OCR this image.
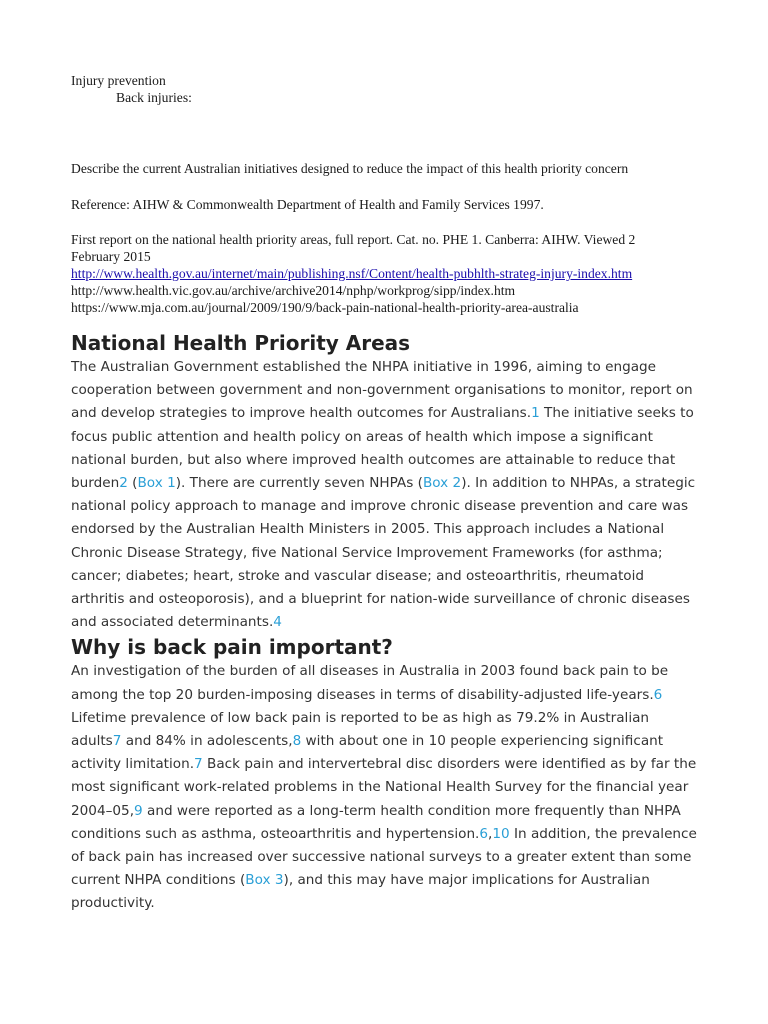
Injury prevention
Back injuries:
Describe the current Australian initiatives designed to reduce the impact of this health priority concern
Reference: AIHW & Commonwealth Department of Health and Family Services 1997.
First report on the national health priority areas, full report. Cat. no. PHE 1. Canberra: AIHW. Viewed 2
February 2015
http://www.health.gov.au/internet/main/publishing.nsf/Content/health-pubhlth-strateg-injury-index.htm
http://www.health.vic.gov.au/archive/archive2014/nphp/workprog/sipp/index.htm
https://www.mja.com.au/journal/2009/190/9/back-pain-national-health-priority-area-australia
National Health Priority Areas

The Australian Government established the NHPA initiative in 1996, aiming to engage cooperation between government and non-government organisations to monitor, report on and develop strategies to improve health outcomes for Australians.1 The initiative seeks to focus public attention and health policy on areas of health which impose a significant national burden, but also where improved health outcomes are attainable to reduce that burden2 (Box 1). There are currently seven NHPAs (Box 2). In addition to NHPAs, a strategic national policy approach to manage and improve chronic disease prevention and care was endorsed by the Australian Health Ministers in 2005. This approach includes a National Chronic Disease Strategy, five National Service Improvement Frameworks (for asthma; cancer; diabetes; heart, stroke and vascular disease; and osteoarthritis, rheumatoid arthritis and osteoporosis), and a blueprint for nation-wide surveillance of chronic diseases and associated determinants.4

Why is back pain important?

An investigation of the burden of all diseases in Australia in 2003 found back pain to be among the top 20 burden-imposing diseases in terms of disability-adjusted life-years.6 Lifetime prevalence of low back pain is reported to be as high as 79.2% in Australian adults7 and 84% in adolescents,8 with about one in 10 people experiencing significant activity limitation.7 Back pain and intervertebral disc disorders were identified as by far the most significant work-related problems in the National Health Survey for the financial year 2004–05,9 and were reported as a long-term health condition more frequently than NHPA conditions such as asthma, osteoarthritis and hypertension.6,10 In addition, the prevalence of back pain has increased over successive national surveys to a greater extent than some current NHPA conditions (Box 3), and this may have major implications for Australian productivity.
